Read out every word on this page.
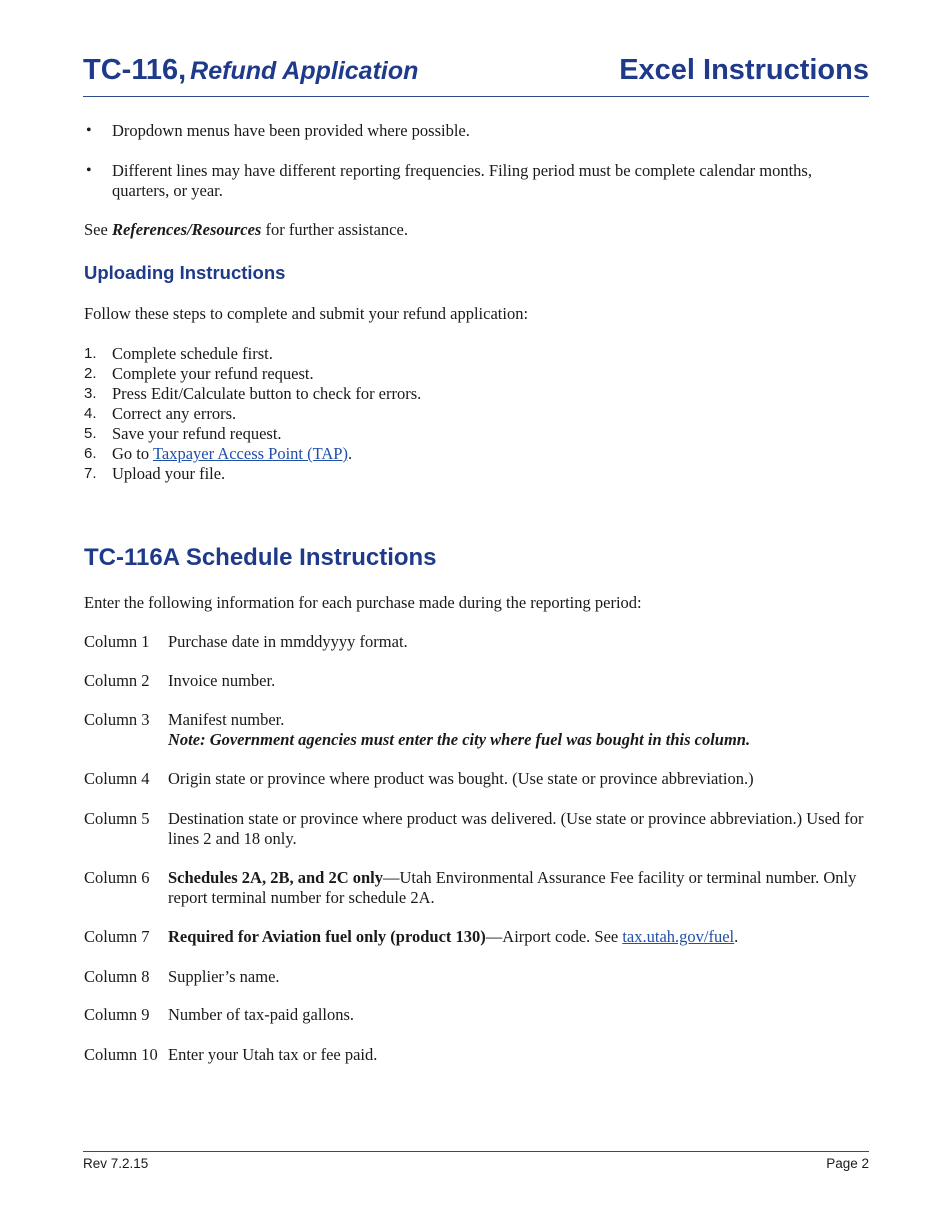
TC-116, Refund Application	Excel Instructions
• Dropdown menus have been provided where possible.
• Different lines may have different reporting frequencies. Filing period must be complete calendar months, quarters, or year.
See References/Resources for further assistance.
Uploading Instructions
Follow these steps to complete and submit your refund application:
1. Complete schedule first.
2. Complete your refund request.
3. Press Edit/Calculate button to check for errors.
4. Correct any errors.
5. Save your refund request.
6. Go to Taxpayer Access Point (TAP).
7. Upload your file.
TC-116A Schedule Instructions
Enter the following information for each purchase made during the reporting period:
Column 1 Purchase date in mmddyyyy format.
Column 2 Invoice number.
Column 3 Manifest number.
Note: Government agencies must enter the city where fuel was bought in this column.
Column 4 Origin state or province where product was bought. (Use state or province abbreviation.)
Column 5 Destination state or province where product was delivered. (Use state or province abbreviation.) Used for lines 2 and 18 only.
Column 6 Schedules 2A, 2B, and 2C only—Utah Environmental Assurance Fee facility or terminal number. Only report terminal number for schedule 2A.
Column 7 Required for Aviation fuel only (product 130)—Airport code. See tax.utah.gov/fuel.
Column 8 Supplier’s name.
Column 9 Number of tax-paid gallons.
Column 10 Enter your Utah tax or fee paid.
Rev 7.2.15	Page 2
